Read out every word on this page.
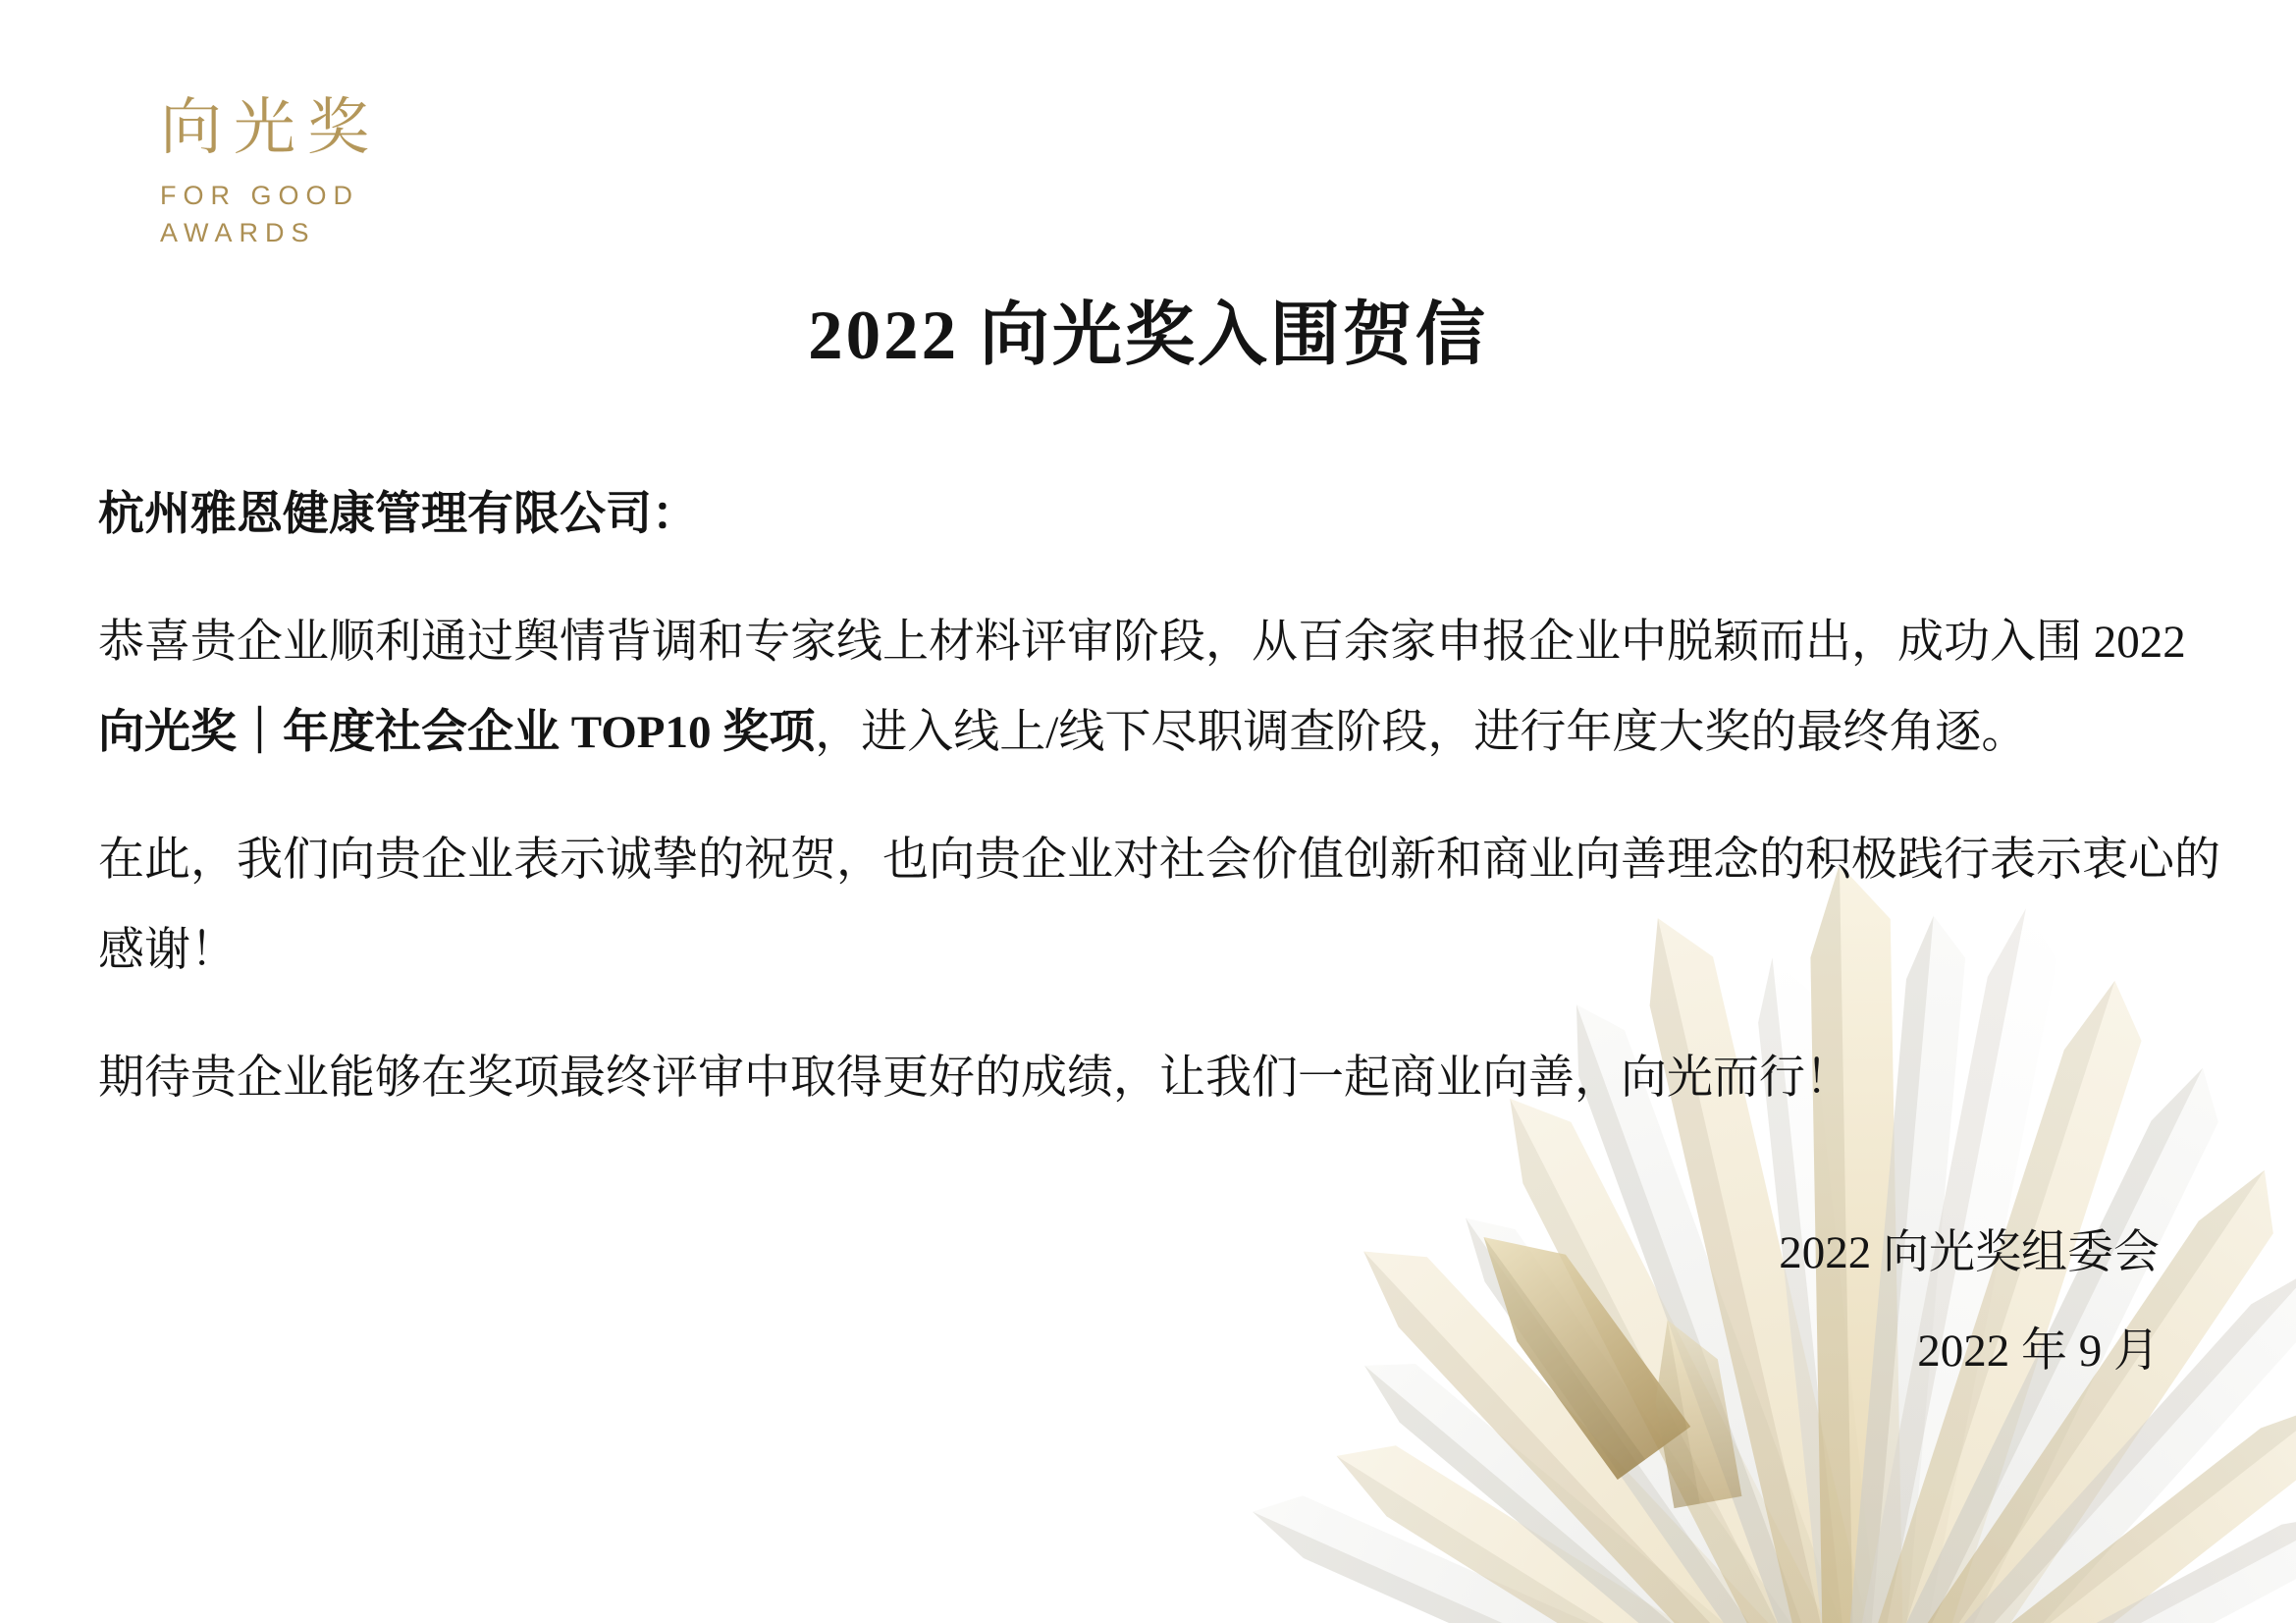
向光奖
FOR GOOD
AWARDS
2022 向光奖入围贺信
杭州雅恩健康管理有限公司：
恭喜贵企业顺利通过舆情背调和专家线上材料评审阶段，从百余家申报企业中脱颖而出，成功入围 2022
向光奖｜年度社会企业 TOP10 奖项，进入线上/线下尽职调查阶段，进行年度大奖的最终角逐。
在此，我们向贵企业表示诚挚的祝贺，也向贵企业对社会价值创新和商业向善理念的积极践行表示衷心的
感谢！
期待贵企业能够在奖项最终评审中取得更好的成绩，让我们一起商业向善，向光而行！
2022 向光奖组委会
2022 年 9 月
